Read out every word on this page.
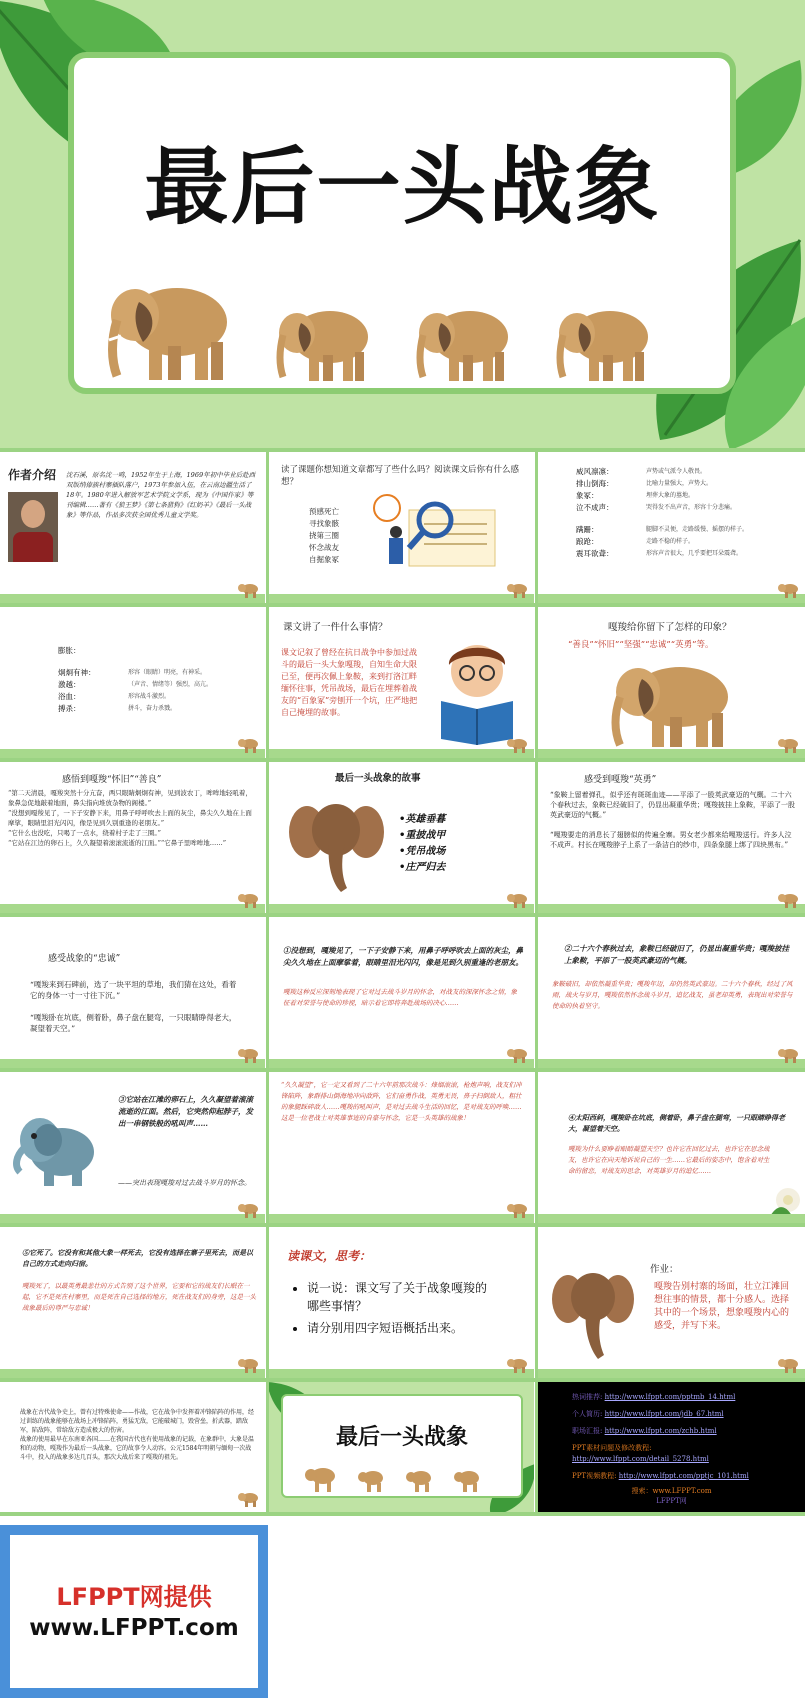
最后一头战象
作者介绍 沈石溪，原名沈一鸣，1952年生于上海，1969年初中毕业后赴西双版纳傣族村寨插队落户，1973年参加入伍，在云南边疆生活了18年。1980年进入解放军艺术学院文学系，现为《中国作家》等刊编辑……著有《狼王梦》《第七条猎狗》《红奶羊》《最后一头战象》等作品，作品多次获全国优秀儿童文学奖。
读了课题你想知道文章都写了些什么吗？阅读课文后你有什么感想？
预感死亡
寻找象骸
挠第三圈
怀念战友
自掘象冢
威风凛凛：	声势或气派令人敬畏。
排山倒海：	比喻力量强大，声势大。
象冢：	埋葬大象的墓地。
泣不成声：	哭得发不出声音，形容十分悲痛。
蹒跚：	腿脚不灵便，走路缓慢、摇摆的样子。
踉跄：	走路不稳的样子。
震耳欲聋：	形容声音很大，几乎要把耳朵震聋。
膨胀：
炯炯有神：	形容（眼睛）明亮，有神采。
激越：	（声音、情绪等）强烈，高亢。
浴血：	形容战斗激烈。
搏杀：	拼斗，奋力杀戮。
课文讲了一件什么事情？
课文记叙了曾经在抗日战争中参加过战斗的最后一头大象嘎羧，自知生命大限已至，便再次佩上象鞍，来到打洛江畔缅怀往事，凭吊战场，最后在埋葬着战友的“百象冢”旁刨开一个坑，庄严地把自己掩埋的故事。
嘎羧给你留下了怎样的印象？
“善良”“怀旧”“坚强”“忠诚”“英勇”等。
感悟到嘎羧“怀旧”“善良”
“第二天清晨，嘎羧突然十分亢奋，两只眼睛炯炯有神，见到波农丁，哞哞地轻吼着，象鼻急促地敲着地面，鼻尖指向堆放杂物的阁楼。”
“没想到嘎羧见了，一下子安静下来，用鼻子呼呼吹去上面的灰尘，鼻尖久久地在上面摩挲，眼睛里泪光闪闪，像是见到久别重逢的老朋友。”
“它什么也没吃，只喝了一点水，绕着村子走了三圈。”
“它站在江边的卵石上，久久凝望着滚滚流逝的江面。”“它鼻子里哞哞地……”
最后一头战象的故事
•英雄垂暮
•重披战甲
•凭吊战场
•庄严归去
感受到嘎羧“英勇”
“象鞍上留着弹孔，似乎还有斑斑血迹——平添了一股英武豪迈的气概。二十六个春秋过去，象鞍已经破旧了，仍显出凝重华贵；嘎羧披挂上象鞍，平添了一股英武豪迈的气概。”

“嘎羧要走的消息长了翅膀似的传遍全寨。男女老少都来给嘎羧送行。许多人泣不成声。村长在嘎羧脖子上系了一条洁白的纱巾，四条象腿上绑了四块黑布。”
感受战象的“忠诚”
“嘎羧来到石碑前，选了一块平坦的草地，我们猜在这处，看着它的身体一寸一寸往下沉。”

“嘎羧卧在坑底，侧着卧，鼻子盘在腿弯，一只眼睛睁得老大，凝望着天空。”
①没想到，嘎羧见了，一下子安静下来，用鼻子呼呼吹去上面的灰尘，鼻尖久久地在上面摩挲着，眼睛里泪光闪闪，像是见到久别重逢的老朋友。
嘎羧这种反应深刻地表现了它对过去战斗岁月的怀念，对战友的深深怀念之情，象征着对荣誉与使命的珍视，暗示着它即将奔赴战场的决心……
②二十六个春秋过去，象鞍已经破旧了，仍显出凝重华贵；嘎羧披挂上象鞍，平添了一股英武豪迈的气概。
象鞍破旧，却依然凝重华贵；嘎羧年迈，却仍然英武豪迈。二十六个春秋，经过了风雨，战火与岁月，嘎羧依然怀念战斗岁月，追忆战友，虽老却英勇，表现出对荣誉与使命的执着坚守。
③它站在江滩的卵石上，久久凝望着滚滚流逝的江面。然后，它突然仰起脖子，发出一串钢铁般的吼叫声……
——突出表现嘎羧对过去战斗岁月的怀念。
“久久凝望”，它一定又看到了二十六年前那次战斗：烽烟滚滚，枪炮声响，战友们冲锋陷阵，象群排山倒海地冲向敌阵，它们奋勇作战，英勇无畏，鼻子扫倒敌人，粗壮的象腿踩碎敌人……嘎羧的吼叫声，是对过去战斗生活的回忆，是对战友的呼唤……这是一位老战士对英雄事迹的自豪与怀念，它是一头英雄的战象！	④太阳西斜，嘎羧卧在坑底，侧着卧，鼻子盘在腿弯，一只眼睛睁得老大，凝望着天空。
嘎羧为什么要睁着眼睛凝望天空？也许它在回忆过去，也许它在思念战友，也许它在向天地诉说自己的一生……它最后的姿态中，饱含着对生命的留恋，对战友的思念，对英雄岁月的追忆……
⑤它死了。它没有和其他大象一样死去，它没有选择在寨子里死去，而是以自己的方式走向归宿。
嘎羧死了，以最英勇最悲壮的方式告别了这个世界，它要和它的战友们长眠在一起，它不是死在村寨里，而是死在自己选择的地方，死在战友们的身旁，这是一头战象最后的尊严与忠诚！
读课文，思考：
• 说一说：课文写了关于战象嘎羧的哪些事情？
• 请分别用四字短语概括出来。
作业：
嘎羧告别村寨的场面，壮立江滩回想往事的情景，都十分感人。选择其中的一个场景，想象嘎羧内心的感受，并写下来。
战象在古代战争史上，曾有过特殊使命——作战，它在战争中发挥着冲锋陷阵的作用，经过训练的战象能够在战场上冲锋陷阵，勇猛无敌，它能破城门，毁营垒，折武器，踏敌军，陷敌阵，常给敌方造成极大的伤害。
战象的使用最早在东南亚各国……在我国古代也有使用战象的记载，在象群中，大象是温和的动物，嘎羧作为最后一头战象，它的故事令人动容。公元1584年明朝与缅甸一次战斗中，投入的战象多达几百头，那次大战后来了嘎羧的祖先。
最后一头战象
热词推荐: http://www.lfppt.com/pptmb_14.html
个人简历: http://www.lfppt.com/jdb_67.html
职场汇报: http://www.lfppt.com/zchb.html
PPT素材问题及修改教程:
http://www.lfppt.com/detail_5278.html
PPT视频教程: http://www.lfppt.com/pptjc_101.html
搜索：www.LFPPT.com
LFPPT网
LFPPT网提供
www.LFPPT.com
